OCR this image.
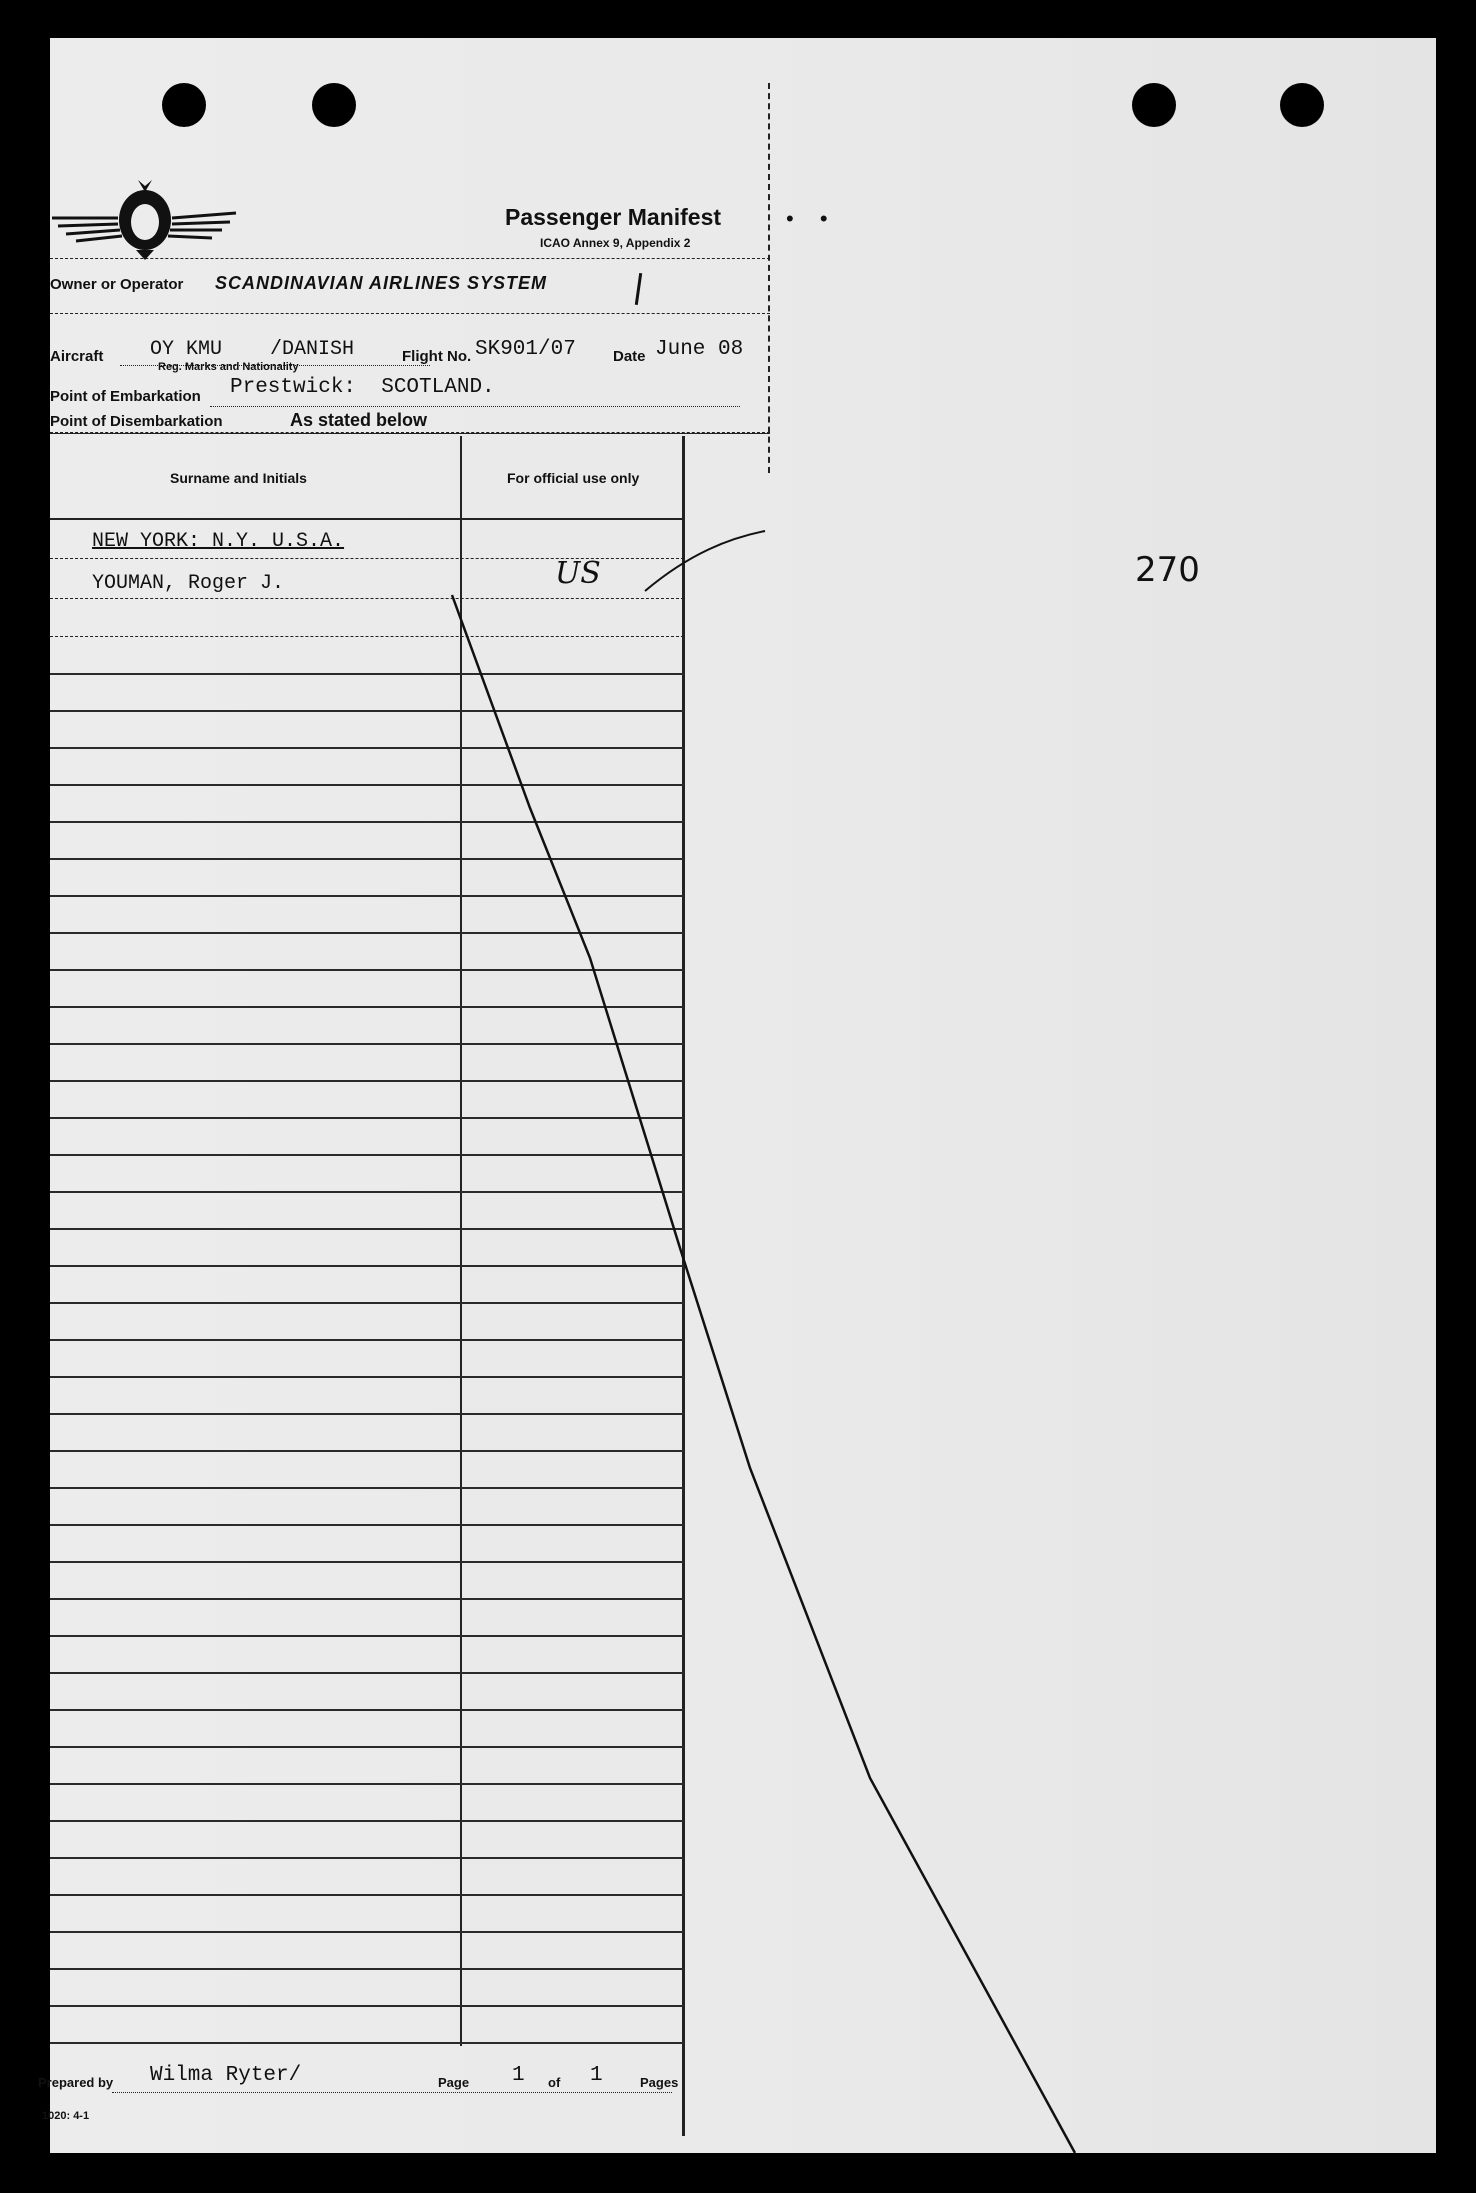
Passenger Manifest
ICAO Annex 9, Appendix 2
• •
Owner or Operator SCANDINAVIAN AIRLINES SYSTEM
Aircraft OY KMU    /DANISH
Reg. Marks and Nationality
Flight No. SK901/07 Date June 08
Point of Embarkation Prestwick:  SCOTLAND.
Point of Disembarkation	As stated below
Surname and Initials	For official use only
NEW YORK: N.Y. U.S.A.
YOUMAN, Roger J.	US	270
Prepared by Wilma Ryter/	Page 1 of 1	Pages
1020: 4-1
